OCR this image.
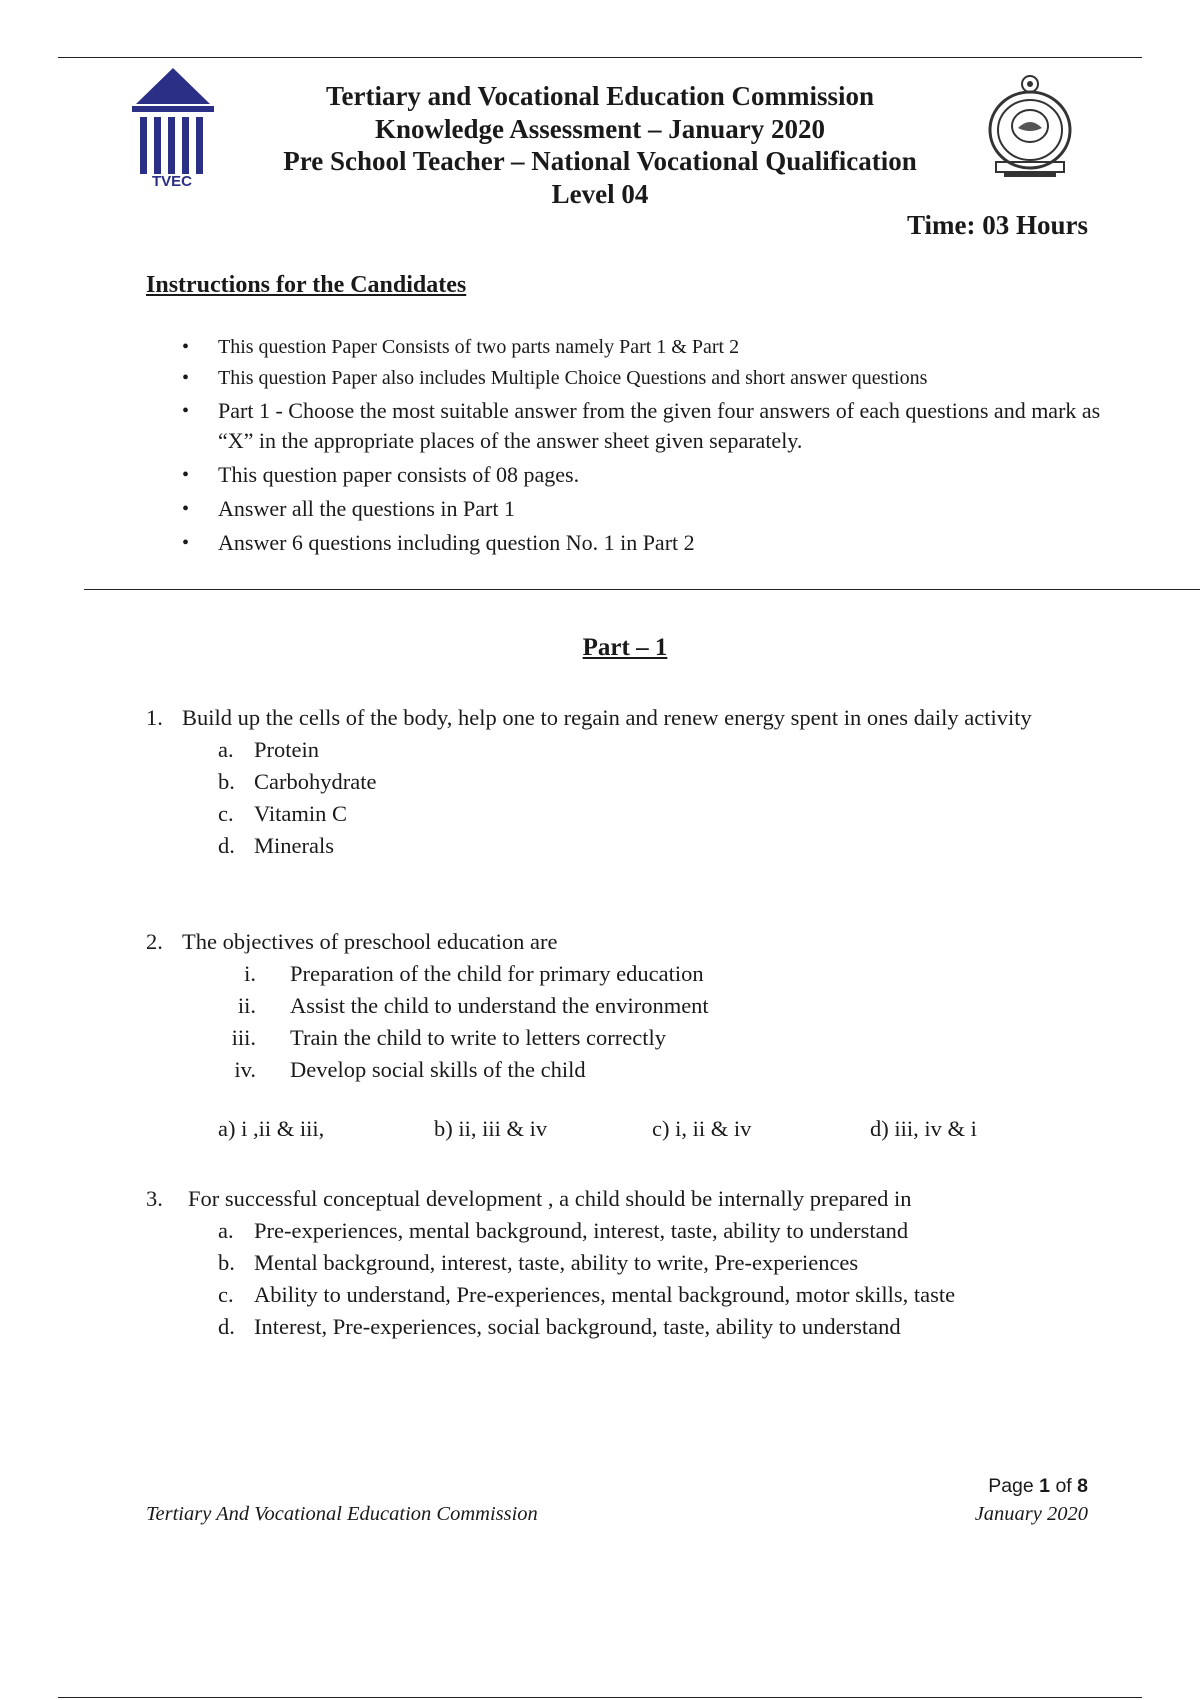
TVEC
Tertiary and Vocational Education Commission
Knowledge Assessment – January 2020
Pre School Teacher – National Vocational Qualification
Level 04
Time: 03 Hours
Instructions for the Candidates
• This question Paper Consists of two parts namely Part 1 & Part 2
• This question Paper also includes Multiple Choice Questions and short answer questions
• Part 1 - Choose the most suitable answer from the given four answers of each questions and mark as “X” in the appropriate places of the answer sheet given separately.
• This question paper consists of 08 pages.
• Answer all the questions in Part 1
• Answer 6 questions including question No. 1 in Part 2
Part – 1
1. Build up the cells of the body, help one to regain and renew energy spent in ones daily activity
a. Protein
b. Carbohydrate
c. Vitamin C
d. Minerals
2. The objectives of preschool education are
i. Preparation of the child for primary education
ii. Assist the child to understand the environment
iii. Train the child to write to letters correctly
iv. Develop social skills of the child
a) i ,ii & iii,	b) ii, iii & iv	c) i, ii & iv	d) iii, iv & i
3.	For successful conceptual development , a child should be internally prepared in
a. Pre-experiences, mental background, interest, taste, ability to understand
b. Mental background, interest, taste, ability to write, Pre-experiences
c. Ability to understand, Pre-experiences, mental background, motor skills, taste
d. Interest, Pre-experiences, social background, taste, ability to understand
Tertiary And Vocational Education Commission
Page 1 of 8
January 2020
